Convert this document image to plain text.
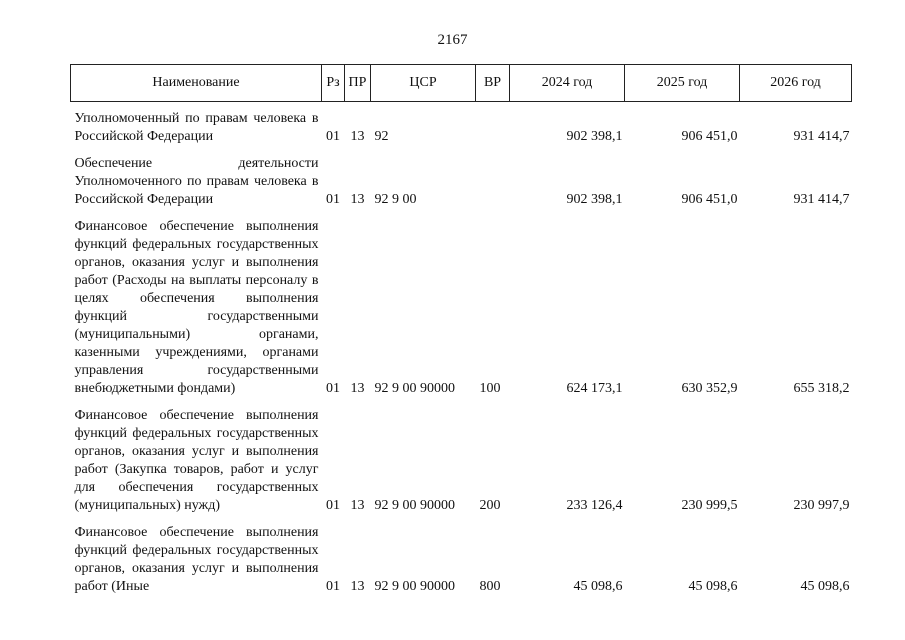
2167
Наименование	Рз	ПР	ЦСР	ВР	2024 год	2025 год	2026 год

Уполномоченный по правам человека в Российской Федерации	01	13	92		902 398,1	906 451,0	931 414,7

Обеспечение деятельности Уполномоченного по правам человека в Российской Федерации	01	13	92 9 00		902 398,1	906 451,0	931 414,7

Финансовое обеспечение выполнения функций федеральных государственных органов, оказания услуг и выполнения работ (Расходы на выплаты персоналу в целях обеспечения выполнения функций государственными (муниципальными) органами, казенными учреждениями, органами управления государственными внебюджетными фондами)	01	13	92 9 00 90000	100	624 173,1	630 352,9	655 318,2

Финансовое обеспечение выполнения функций федеральных государственных органов, оказания услуг и выполнения работ (Закупка товаров, работ и услуг для обеспечения государственных (муниципальных) нужд)	01	13	92 9 00 90000	200	233 126,4	230 999,5	230 997,9

Финансовое обеспечение выполнения функций федеральных государственных органов, оказания услуг и выполнения работ (Иные	01	13	92 9 00 90000	800	45 098,6	45 098,6	45 098,6
